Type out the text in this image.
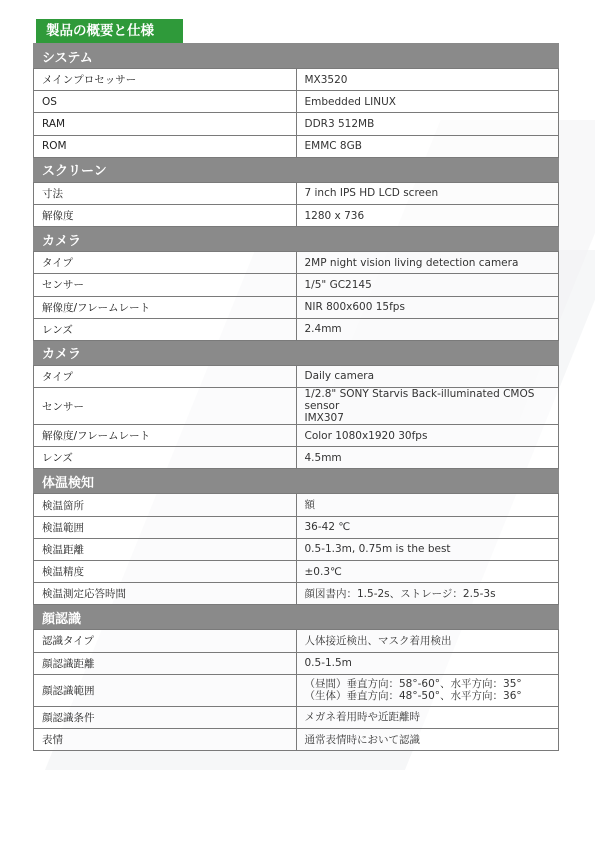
製品の概要と仕様
システム	
メインプロセッサー	MX3520
OS	Embedded LINUX
RAM	DDR3 512MB
ROM	EMMC 8GB
スクリーン	
寸法	7 inch IPS HD LCD screen
解像度	1280 x 736
カメラ	
タイプ	2MP night vision living detection camera
センサー	1/5" GC2145
解像度/フレームレート	NIR 800x600 15fps
レンズ	2.4mm
カメラ	
タイプ	Daily camera
センサー	1/2.8" SONY Starvis Back-illuminated CMOS sensor
IMX307
解像度/フレームレート	Color 1080x1920 30fps
レンズ	4.5mm
体温検知	
検温箇所	額
検温範囲	36-42 ℃
検温距離	0.5-1.3m, 0.75m is the best
検温精度	±0.3℃
検温測定応答時間	顔図書内：1.5-2s、ストレージ：2.5-3s
顔認識	
認識タイプ	人体接近検出、マスク着用検出
顔認識距離	0.5-1.5m
顔認識範囲	（昼間）垂直方向：58°-60°、水平方向：35°
（生体）垂直方向：48°-50°、水平方向：36°
顔認識条件	メガネ着用時や近距離時
表情	通常表情時において認識
